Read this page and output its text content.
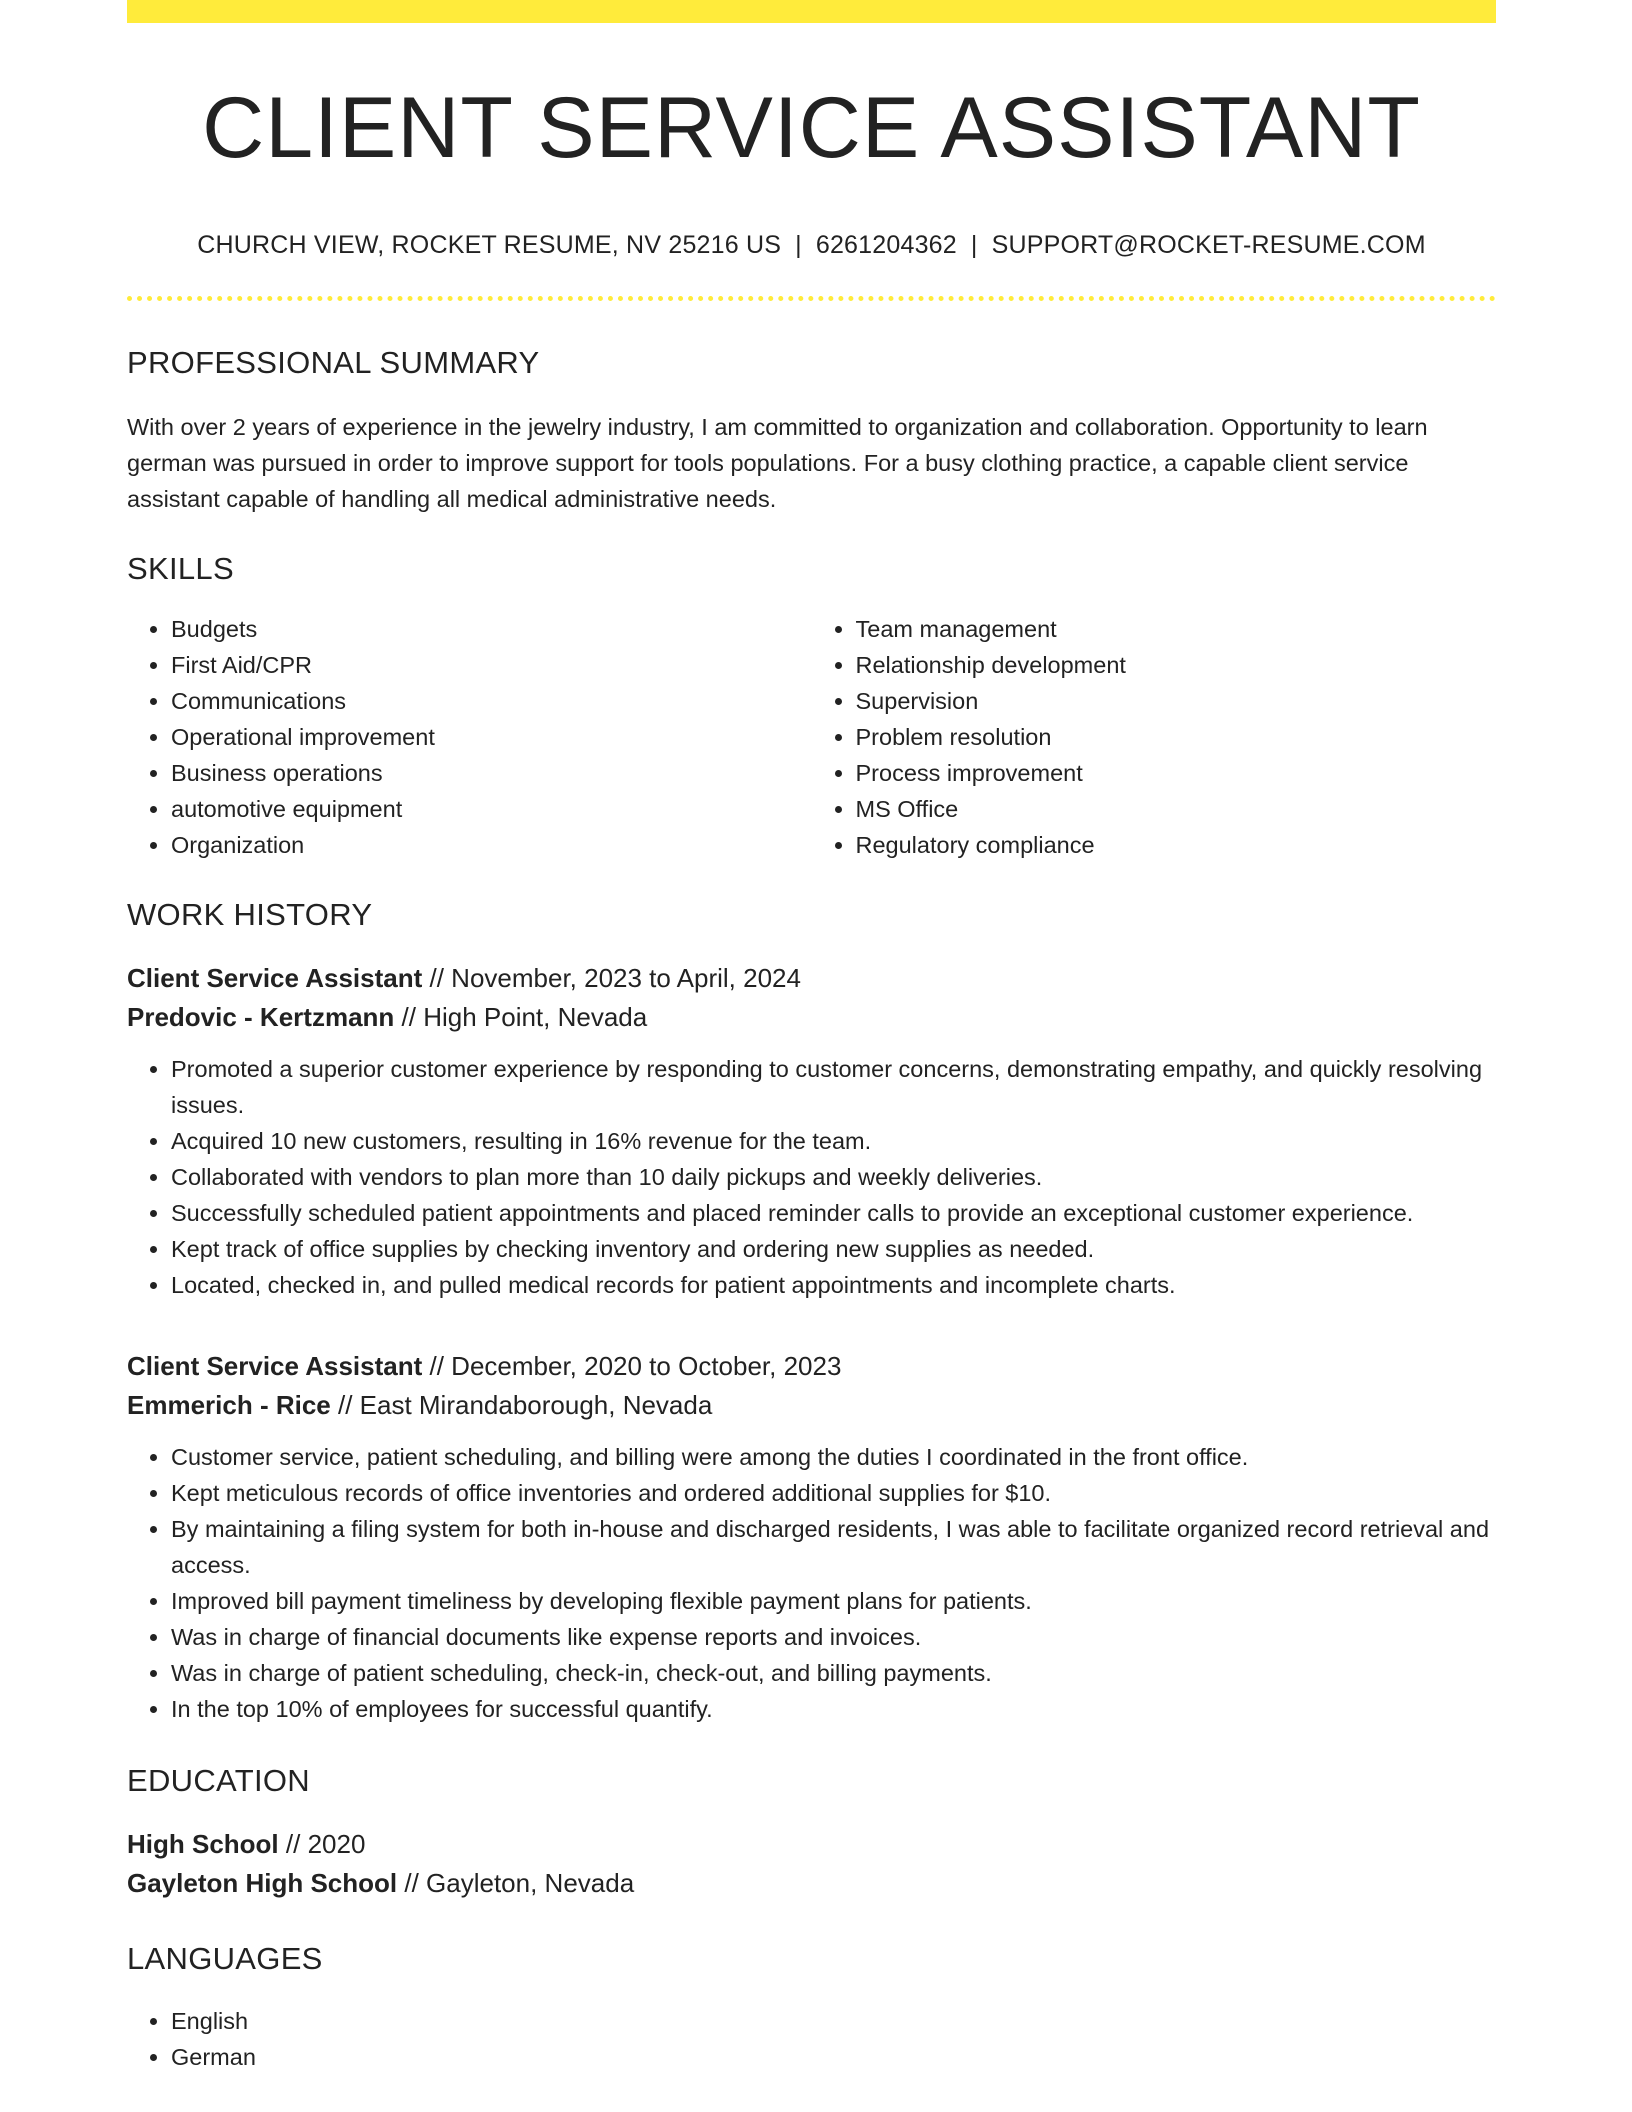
CLIENT SERVICE ASSISTANT
CHURCH VIEW, ROCKET RESUME, NV 25216 US | 6261204362 | SUPPORT@ROCKET-RESUME.COM
PROFESSIONAL SUMMARY

With over 2 years of experience in the jewelry industry, I am committed to organization and collaboration. Opportunity to learn german was pursued in order to improve support for tools populations. For a busy clothing practice, a capable client service assistant capable of handling all medical administrative needs.

SKILLS
• Budgets
• First Aid/CPR
• Communications
• Operational improvement
• Business operations
• automotive equipment
• Organization
• Team management
• Relationship development
• Supervision
• Problem resolution
• Process improvement
• MS Office
• Regulatory compliance
WORK HISTORY
Client Service Assistant // November, 2023 to April, 2024
Predovic - Kertzmann // High Point, Nevada
• Promoted a superior customer experience by responding to customer concerns, demonstrating empathy, and quickly resolving issues.
• Acquired 10 new customers, resulting in 16% revenue for the team.
• Collaborated with vendors to plan more than 10 daily pickups and weekly deliveries.
• Successfully scheduled patient appointments and placed reminder calls to provide an exceptional customer experience.
• Kept track of office supplies by checking inventory and ordering new supplies as needed.
• Located, checked in, and pulled medical records for patient appointments and incomplete charts.
Client Service Assistant // December, 2020 to October, 2023
Emmerich - Rice // East Mirandaborough, Nevada
• Customer service, patient scheduling, and billing were among the duties I coordinated in the front office.
• Kept meticulous records of office inventories and ordered additional supplies for $10.
• By maintaining a filing system for both in-house and discharged residents, I was able to facilitate organized record retrieval and access.
• Improved bill payment timeliness by developing flexible payment plans for patients.
• Was in charge of financial documents like expense reports and invoices.
• Was in charge of patient scheduling, check-in, check-out, and billing payments.
• In the top 10% of employees for successful quantify.
EDUCATION
High School // 2020
Gayleton High School // Gayleton, Nevada
LANGUAGES
• English
• German
